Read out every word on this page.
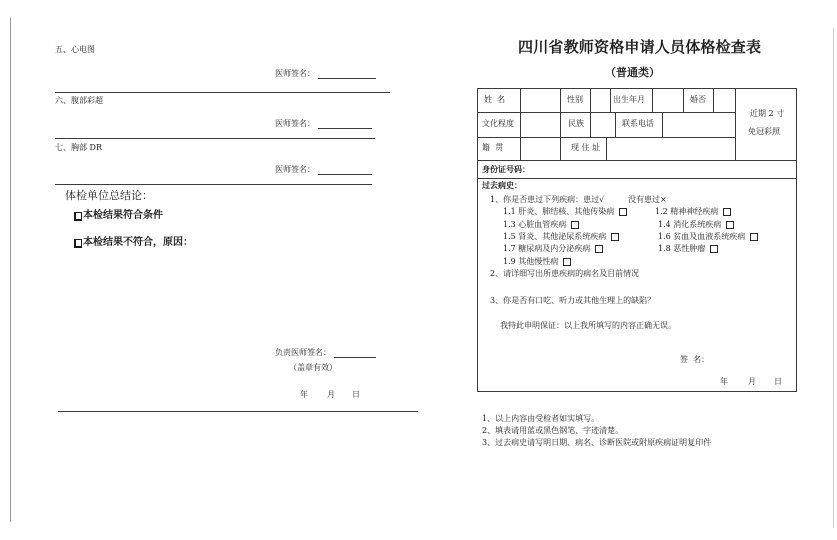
五、心电图
医师签名：
六、腹部彩超
医师签名：
七、胸部 DR
医师签名：
体检单位总结论：
本检结果符合条件
本检结果不符合，原因：
负责医师签名：
（盖章有效）
年 月 日
四川省教师资格申请人员体格检查表
（普通类）
姓  名	性别	出生年月	婚否
近期 2 寸
免冠彩照
文化程度	民族	联系电话
籍  贯	现 住 址
身份证号码：
过去病史：
1、你是否患过下列疾病：患过√	没有患过×
1.1 肝炎、肺结核、其他传染病	1.2 精神神经疾病
1.3 心脏血管疾病	1.4 消化系统疾病
1.5 肾炎、其他泌尿系统疾病	1.6 贫血及血液系统疾病
1.7 糖尿病及内分泌疾病	1.8 恶性肿瘤
1.9 其他慢性病
2、请详细写出所患疾病的病名及目前情况
3、你是否有口吃、听力或其他生理上的缺陷？
我特此申明保证：以上我所填写的内容正确无误。
签  名：
年	月 日
1、以上内容由受检者如实填写。
2、填表请用蓝或黑色钢笔、字迹清楚。
3、过去病史请写明日期、病名、诊断医院或附原疾病证明复印件
